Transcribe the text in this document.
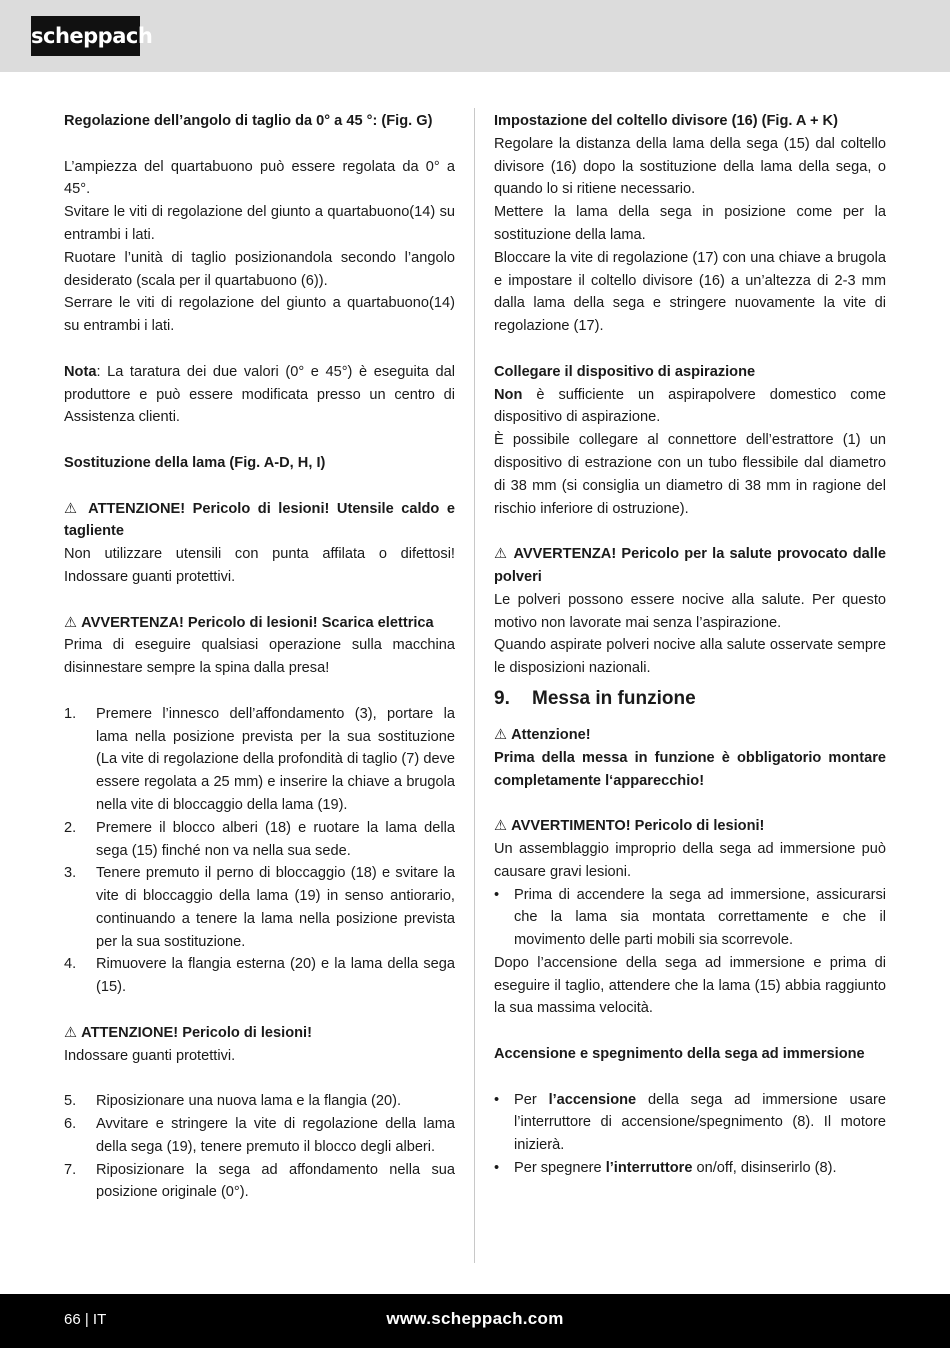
scheppach

Regolazione dell’angolo di taglio da 0° a 45 °: (Fig. G)

L’ampiezza del quartabuono può essere regolata da 0° a 45°.

Svitare le viti di regolazione del giunto a quartabuono(14) su entrambi i lati.

Ruotare l’unità di taglio posizionandola secondo l’angolo desiderato (scala per il quartabuono (6)).

Serrare le viti di regolazione del giunto a quartabuono(14) su entrambi i lati.

Nota: La taratura dei due valori (0° e 45°) è eseguita dal produttore e può essere modificata presso un centro di Assistenza clienti.

Sostituzione della lama (Fig. A-D, H, I)

⚠ ATTENZIONE! Pericolo di lesioni! Utensile caldo e tagliente

Non utilizzare utensili con punta affilata o difettosi! Indossare guanti protettivi.

⚠ AVVERTENZA! Pericolo di lesioni! Scarica elettrica

Prima di eseguire qualsiasi operazione sulla macchina disinnestare sempre la spina dalla presa!

1. Premere l’innesco dell’affondamento (3), portare la lama nella posizione prevista per la sua sostituzione (La vite di regolazione della profondità di taglio (7) deve essere regolata a 25 mm) e inserire la chiave a brugola nella vite di bloccaggio della lama (19).
2. Premere il blocco alberi (18) e ruotare la lama della sega (15) finché non va nella sua sede.
3. Tenere premuto il perno di bloccaggio (18) e svitare la vite di bloccaggio della lama (19) in senso antiorario, continuando a tenere la lama nella posizione prevista per la sua sostituzione.
4. Rimuovere la flangia esterna (20) e la lama della sega (15).

⚠ ATTENZIONE! Pericolo di lesioni!

Indossare guanti protettivi.

5. Riposizionare una nuova lama e la flangia (20).
6. Avvitare e stringere la vite di regolazione della lama della sega (19), tenere premuto il blocco degli alberi.
7. Riposizionare la sega ad affondamento nella sua posizione originale (0°).

Impostazione del coltello divisore (16) (Fig. A + K)

Regolare la distanza della lama della sega (15) dal coltello divisore (16) dopo la sostituzione della lama della sega, o quando lo si ritiene necessario.

Mettere la lama della sega in posizione come per la sostituzione della lama.

Bloccare la vite di regolazione (17) con una chiave a brugola e impostare il coltello divisore (16) a un’altezza di 2-3 mm dalla lama della sega e stringere nuovamente la vite di regolazione (17).

Collegare il dispositivo di aspirazione

Non è sufficiente un aspirapolvere domestico come dispositivo di aspirazione.

È possibile collegare al connettore dell’estrattore (1) un dispositivo di estrazione con un tubo flessibile dal diametro di 38 mm (si consiglia un diametro di 38 mm in ragione del rischio inferiore di ostruzione).

⚠ AVVERTENZA! Pericolo per la salute provocato dalle polveri

Le polveri possono essere nocive alla salute. Per questo motivo non lavorate mai senza l’aspirazione.

Quando aspirate polveri nocive alla salute osservate sempre le disposizioni nazionali.

9. Messa in funzione

⚠ Attenzione!

Prima della messa in funzione è obbligatorio montare completamente l‘apparecchio!

⚠ AVVERTIMENTO! Pericolo di lesioni!

Un assemblaggio improprio della sega ad immersione può causare gravi lesioni.

• Prima di accendere la sega ad immersione, assicurarsi che la lama sia montata correttamente e che il movimento delle parti mobili sia scorrevole.

Dopo l’accensione della sega ad immersione e prima di eseguire il taglio, attendere che la lama (15) abbia raggiunto la sua massima velocità.

Accensione e spegnimento della sega ad immersione

• Per l’accensione della sega ad immersione usare l’interruttore di accensione/spegnimento (8). Il motore inizierà.
• Per spegnere l’interruttore on/off, disinserirlo (8).
66 | IT	www.scheppach.com
